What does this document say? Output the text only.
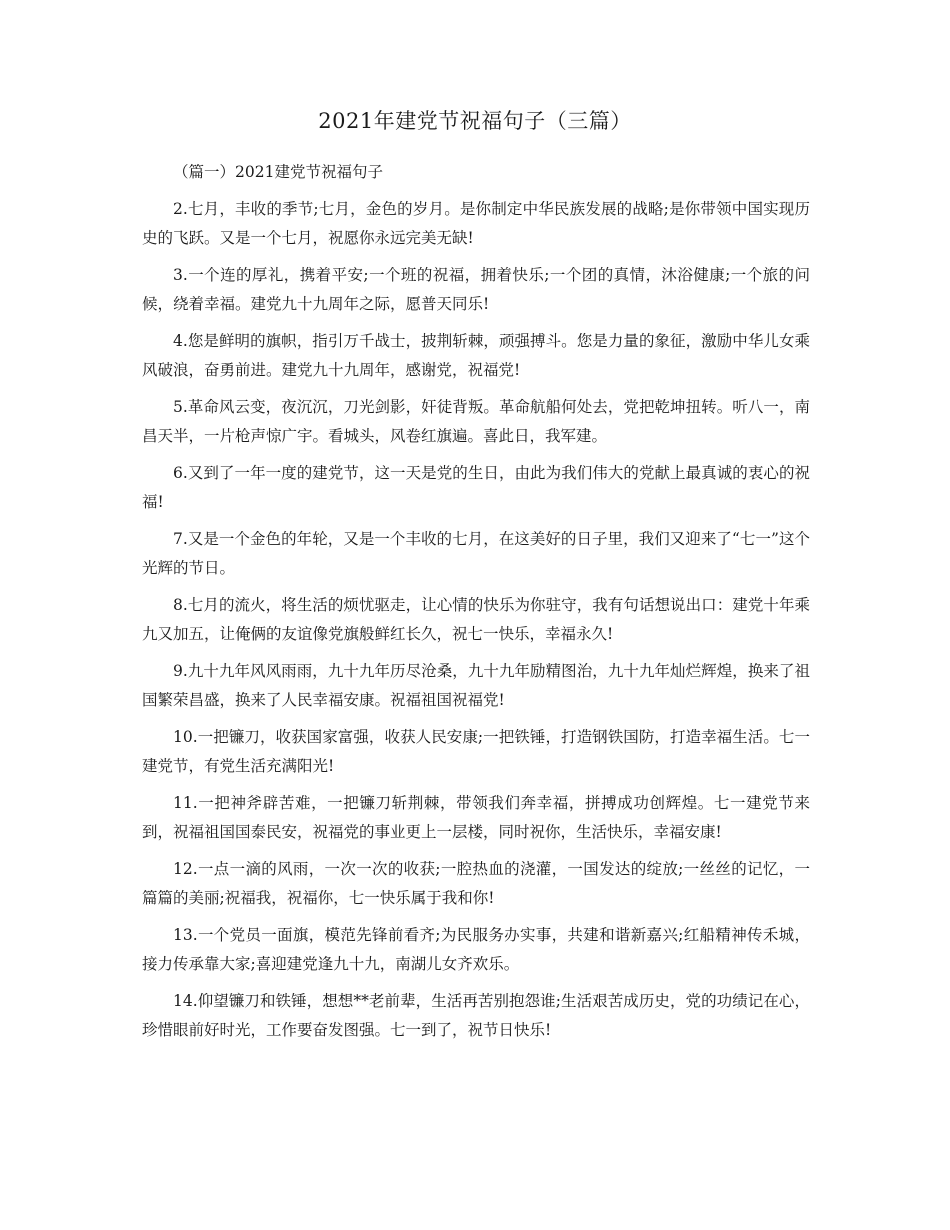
2021年建党节祝福句子（三篇）

（篇一）2021建党节祝福句子

2.七月，丰收的季节;七月，金色的岁月。是你制定中华民族发展的战略;是你带领中国实现历史的飞跃。又是一个七月，祝愿你永远完美无缺!

3.一个连的厚礼，携着平安;一个班的祝福，拥着快乐;一个团的真情，沐浴健康;一个旅的问候，绕着幸福。建党九十九周年之际，愿普天同乐!

4.您是鲜明的旗帜，指引万千战士，披荆斩棘，顽强搏斗。您是力量的象征，激励中华儿女乘风破浪，奋勇前进。建党九十九周年，感谢党，祝福党!

5.革命风云变，夜沉沉，刀光剑影，奸徒背叛。革命航船何处去，党把乾坤扭转。听八一，南昌天半，一片枪声惊广宇。看城头，风卷红旗遍。喜此日，我军建。

6.又到了一年一度的建党节，这一天是党的生日，由此为我们伟大的党献上最真诚的衷心的祝福!

7.又是一个金色的年轮，又是一个丰收的七月，在这美好的日子里，我们又迎来了“七一”这个光辉的节日。

8.七月的流火，将生活的烦忧驱走，让心情的快乐为你驻守，我有句话想说出口：建党十年乘九又加五，让俺俩的友谊像党旗般鲜红长久，祝七一快乐，幸福永久!

9.九十九年风风雨雨，九十九年历尽沧桑，九十九年励精图治，九十九年灿烂辉煌，换来了祖国繁荣昌盛，换来了人民幸福安康。祝福祖国祝福党!

10.一把镰刀，收获国家富强，收获人民安康;一把铁锤，打造钢铁国防，打造幸福生活。七一建党节，有党生活充满阳光!

11.一把神斧辟苦难，一把镰刀斩荆棘，带领我们奔幸福，拼搏成功创辉煌。七一建党节来到，祝福祖国国泰民安，祝福党的事业更上一层楼，同时祝你，生活快乐，幸福安康!

12.一点一滴的风雨，一次一次的收获;一腔热血的浇灌，一国发达的绽放;一丝丝的记忆，一篇篇的美丽;祝福我，祝福你，七一快乐属于我和你!

13.一个党员一面旗，模范先锋前看齐;为民服务办实事，共建和谐新嘉兴;红船精神传禾城，接力传承靠大家;喜迎建党逢九十九，南湖儿女齐欢乐。

14.仰望镰刀和铁锤，想想**老前辈，生活再苦别抱怨谁;生活艰苦成历史，党的功绩记在心，珍惜眼前好时光，工作要奋发图强。七一到了，祝节日快乐!
